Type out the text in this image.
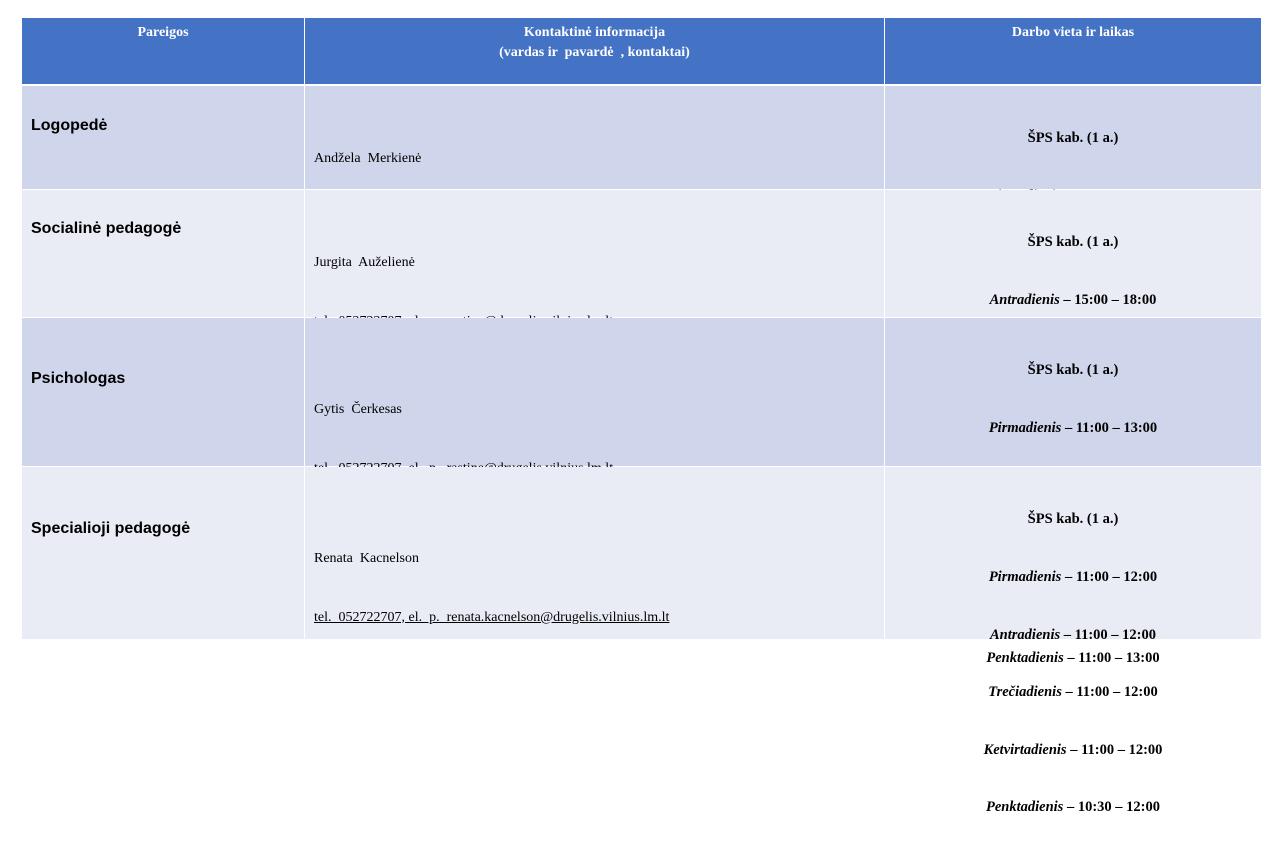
Pareigos	Kontaktinė informacija
(vardas ir  pavardė  , kontaktai)
Darbo vieta ir laikas
Logopedė

Andžela  Merkienė

ŠPS kab. (1 a.)

Socialinė pedagogė

Jurgita  Auželienė

ŠPS kab. (1 a.)

Antradienis – 15:00 – 18:00

Psichologas

Gytis  Čerkesas

ŠPS kab. (1 a.)

Pirmadienis – 11:00 – 13:00

Penktadienis – 11:00 – 13:00

Specialioji pedagogė

Renata  Kacnelson

tel.  052722707, el.  p.  renata.kacnelson@drugelis.vilnius.lm.lt

ŠPS kab. (1 a.)

Pirmadienis – 11:00 – 12:00

Antradienis – 11:00 – 12:00

Trečiadienis – 11:00 – 12:00

Ketvirtadienis – 11:00 – 12:00

Penktadienis – 10:30 – 12:00
